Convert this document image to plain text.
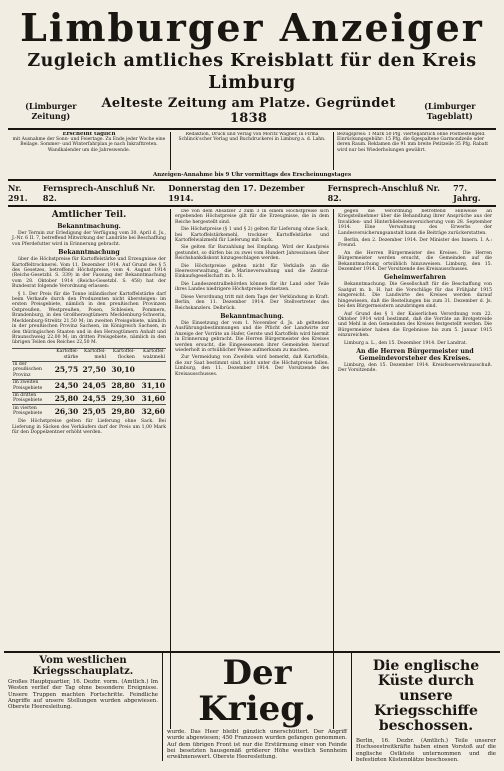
Limburger Anzeiger
Zugleich amtliches Kreisblatt für den Kreis Limburg
(Limburger Zeitung)
Aelteste Zeitung am Platze. Gegründet 1838
(Limburger Tageblatt)
Erscheint täglich
mit Ausnahme der Sonn- und Feiertage. Zu Ende jeder Woche eine Beilage. Sommer- und Winterfahrplan je nach Inkrafttreten. Wandkalender um die Jahreswende.
Redaktion, Druck und Verlag von Moritz Wagner, in Firma Schlinck'scher Verlag und Buchdruckerei in Limburg a. d. Lahn.
Bezugspreis: 1 Mark 50 Pfg. vierteljährlich ohne Postbestellgeld. Einrückungsgebühr: 15 Pfg. die 6gespaltene Garmondzeile oder deren Raum. Reklamen die 91 mm breite Petitzeile 35 Pfg. Rabatt wird nur bei Wiederholungen gewährt.
Anzeigen-Annahme bis 9 Uhr vormittags des Erscheinungstages
Nr. 291.
Fernsprech-Anschluß Nr. 82.
Donnerstag den 17. Dezember 1914.
Fernsprech-Anschluß Nr. 82.
77. Jahrg.
Amtlicher Teil.
Bekanntmachung.

Der Termin zur Erledigung der Verfügung vom 30. April d. Js., J.-Nr. 6 II. 7, betreffend Mitwirkung der Landräte bei Beschaffung von Pferdefutter wird in Erinnerung gebracht.

Bekanntmachung

über die Höchstpreise für Kartoffelstärke und Erzeugnisse der Kartoffeltrocknerei. Vom 11. Dezember 1914. Auf Grund des § 5 des Gesetzes, betreffend Höchstpreise, vom 4. August 1914 (Reichs-Gesetzbl. S. 339) in der Fassung der Bekanntmachung vom 28. Oktober 1914 (Reichs-Gesetzbl. S. 458) hat der Bundesrat folgende Verordnung erlassen:

§ 1. Der Preis für die Tonne inländischer Kartoffelstärke darf beim Verkaufe durch den Produzenten nicht übersteigen: im ersten Preisgebiete, nämlich in den preußischen Provinzen Ostpreußen, Westpreußen, Posen, Schlesien, Pommern, Brandenburg, in den Großherzogtümern Mecklenburg-Schwerin, Mecklenburg-Strelitz 21,50 M; im zweiten Preisgebiete, nämlich in der preußischen Provinz Sachsen, im Königreich Sachsen, in den thüringischen Staaten und in den Herzogtümern Anhalt und Braunschweig 22,00 M; im dritten Preisgebiete, nämlich in den übrigen Teilen des Reiches 22,50 M.

	Kartoffel-stärke	Kartoffel-mehl	Kartoffel-flocken	Kartoffel-walzmehl
in der preußischen Provinz	25,75	27,50	30,10	
im zweiten Preisgebiete	24,50	24,05	28,80	31,10
im dritten Preisgebiete	25,80	24,55	29,30	31,60
im vierten Preisgebiete	26,30	25,05	29,80	32,60

Die Höchstpreise gelten für Lieferung ohne Sack. Bei Lieferung in Säcken des Verkäufers darf der Preis um 1,00 Mark für den Doppelzentner erhöht werden.

Die von dem Absatzer 2 zum 3 in einem Höchstpreise sich ergebenden Höchstpreise gilt für die Erzeugnisse, die in dem Reiche hergestellt sind.

Die Höchstpreise (§ 1 und § 2) gelten für Lieferung ohne Sack, bei Kartoffelstärkemehl, trockner Kartoffelstärke und Kartoffelwalzmehl für Lieferung mit Sack.

Sie gelten für Barzahlung bei Empfang. Wird der Kaufpreis gestundet, so dürfen bis zu zwei vom Hundert Jahreszinsen über Reichsbankdiskont hinzugeschlagen werden.

Die Höchstpreise gelten nicht für Verkäufe an die Heeresverwaltung, die Marineverwaltung und die Zentral-Einkaufsgesellschaft m. b. H.

Die Landeszentralbehörden können für ihr Land oder Teile ihres Landes niedrigere Höchstpreise festsetzen.

Diese Verordnung tritt mit dem Tage der Verkündung in Kraft. Berlin, den 11. Dezember 1914. Der Stellvertreter des Reichskanzlers. Delbrück.

Bekanntmachung.

Die Einsetzung der vom 1. November d. Js. ab geltenden Ausführungsbestimmungen und die Pflicht der Landwirte zur Anzeige der Vorräte an Hafer, Gerste und Kartoffeln wird hiermit in Erinnerung gebracht. Die Herren Bürgermeister des Kreises werden ersucht, die Eingesessenen ihrer Gemeinden hierauf wiederholt in ortsüblicher Weise aufmerksam zu machen.

Zur Vermeidung von Zweifeln wird bemerkt, daß Kartoffeln, die zur Saat bestimmt sind, nicht unter die Höchstpreise fallen. Limburg, den 11. Dezember 1914. Der Vorsitzende des Kreisausschusses.

gegen die Verordnung betreffend Hinweise an Kriegsteilnehmer über die Behandlung ihrer Ansprüche aus der Invaliden- und Hinterbliebenenversicherung vom 28. September 1914. Eine Verwaltung des Erwerbs der Landesversicherungsanstalt kann die Beiträge zurückerstatten.

Berlin, den 2. Dezember 1914. Der Minister des Innern. I. A.: Freund.

An die Herren Bürgermeister des Kreises. Die Herren Bürgermeister werden ersucht, die Gemeinden auf die Bekanntmachung ortsüblich hinzuweisen. Limburg, den 15. Dezember 1914. Der Vorsitzende des Kreisausschusses.

Geheimwerfahren

Bekanntmachung. Die Gesellschaft für die Beschaffung von Saatgut m. b. H. hat die Vorschläge für das Frühjahr 1915 eingereicht. Die Landwirte des Kreises werden darauf hingewiesen, daß die Bestellungen bis zum 31. Dezember d. Js. bei den Bürgermeistern anzubringen sind.

Auf Grund des § 1 der Kaiserlichen Verordnung vom 22. Oktober 1914 wird bestimmt, daß die Vorräte an Brotgetreide und Mehl in den Gemeinden des Kreises festgestellt werden. Die Bürgermeister haben die Ergebnisse bis zum 5. Januar 1915 einzureichen.

Limburg a. L., den 15. Dezember 1914. Der Landrat.

An die Herren Bürgermeister und Gemeindevorsteher des Kreises.

Limburg, den 15. Dezember 1914. Kreisfeuerwehrausschuß. Der Vorsitzende.

Vom westlichen Kriegsschauplatz.
Großes Hauptquartier, 16. Dezbr. vorm. (Amtlich.) Im Westen verlief der Tag ohne besondere Ereignisse. Unsere Truppen machten Fortschritte. Feindliche Angriffe auf unsere Stellungen wurden abgewiesen. Oberste Heeresleitung.
Der Krieg.
wurde. Das Heer bleibt gänzlich unerschüttert. Der Angriff wurde abgewiesen; 450 Franzosen wurden gefangen genommen. Auf dem übrigen Front ist nur die Erstürmung einer von Feinde bei besetzten hausgemäß größerer Höhe westlich Sennheim erwähnenswert. Oberste Heeresleitung.
Die englische Küste durch unsere Kriegsschiffe beschossen.
Berlin, 16. Dezbr. (Amtlich.) Teile unserer Hochseestreitkräfte haben einen Vorstoß auf die englische Ostküste unternommen und die befestigten Küstenplätze beschossen.
